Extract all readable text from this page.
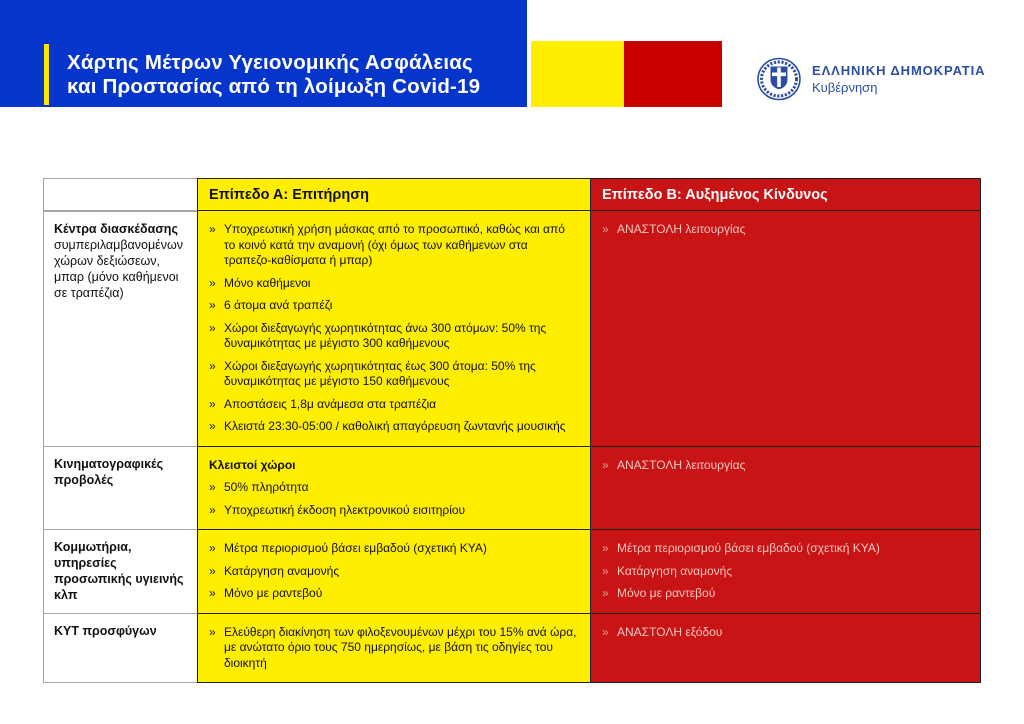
Χάρτης Μέτρων Υγειονομικής Ασφάλειας
και Προστασίας από τη λοίμωξη Covid-19
ΕΛΛΗΝΙΚΗ ΔΗΜΟΚΡΑΤΙΑ
Κυβέρνηση
Επίπεδο Α: Επιτήρηση	Επίπεδο Β: Αυξημένος Κίνδυνος
Κέντρα διασκέδασης
συμπεριλαμβανομένων χώρων δεξιώσεων, μπαρ (μόνο καθήμενοι σε τραπέζια)
» Υποχρεωτική χρήση μάσκας από το προσωπικό, καθώς και από το κοινό κατά την αναμονή (όχι όμως των καθήμενων στα τραπεζο-καθίσματα ή μπαρ)
» Μόνο καθήμενοι
» 6 άτομα ανά τραπέζι
» Χώροι διεξαγωγής χωρητικότητας άνω 300 ατόμων: 50% της δυναμικότητας με μέγιστο 300 καθήμενους
» Χώροι διεξαγωγής χωρητικότητας έως 300 άτομα: 50% της δυναμικότητας με μέγιστο 150 καθήμενους
» Αποστάσεις 1,8μ ανάμεσα στα τραπέζια
» Κλειστά 23:30-05:00 / καθολική απαγόρευση ζωντανής μουσικής
» ΑΝΑΣΤΟΛΗ λειτουργίας
Κινηματογραφικές προβολές
Κλειστοί χώροι
» 50% πληρότητα
» Υποχρεωτική έκδοση ηλεκτρονικού εισιτηρίου
» ΑΝΑΣΤΟΛΗ λειτουργίας
Κομμωτήρια, υπηρεσίες προσωπικής υγιεινής κλπ
» Μέτρα περιορισμού βάσει εμβαδού (σχετική ΚΥΑ)
» Κατάργηση αναμονής
» Μόνο με ραντεβού
» Μέτρα περιορισμού βάσει εμβαδού (σχετική ΚΥΑ)
» Κατάργηση αναμονής
» Μόνο με ραντεβού
ΚΥΤ προσφύγων	» Ελεύθερη διακίνηση των φιλοξενουμένων μέχρι του 15% ανά ώρα, με ανώτατο όριο τους 750 ημερησίως, με βάση τις οδηγίες του διοικητή
» ΑΝΑΣΤΟΛΗ εξόδου
